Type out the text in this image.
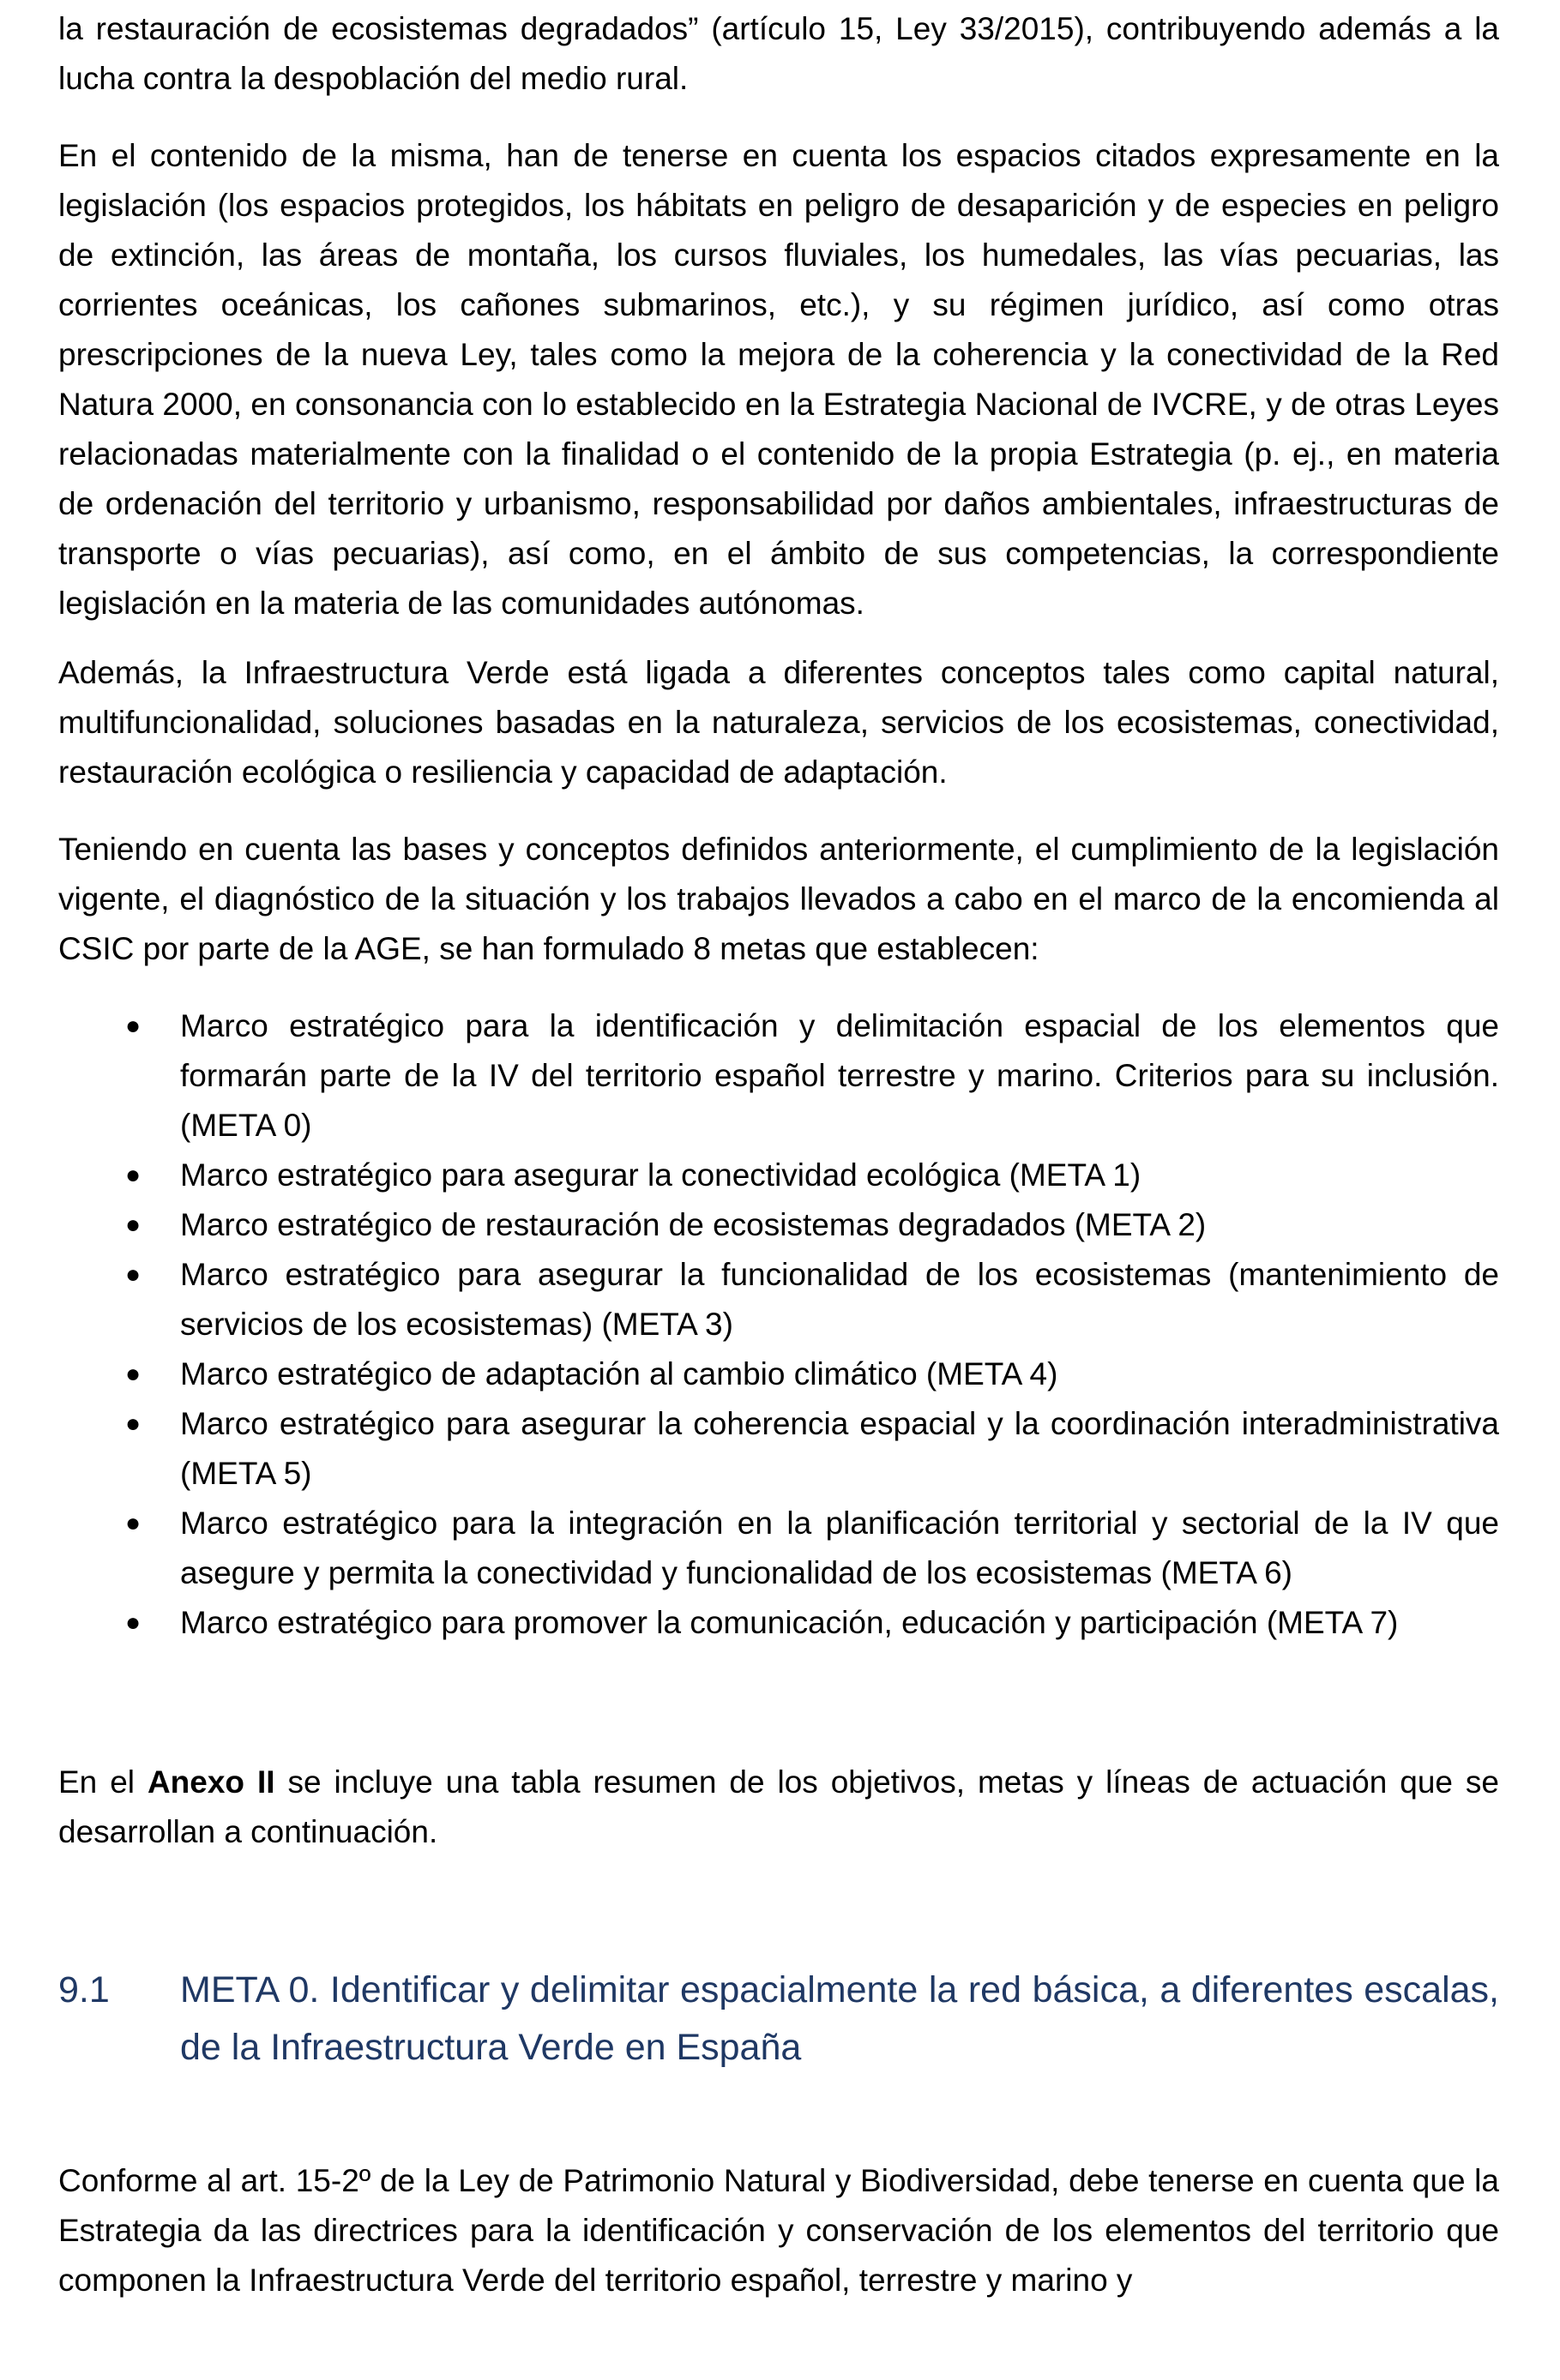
la restauración de ecosistemas degradados” (artículo 15, Ley 33/2015), contribuyendo además a la lucha contra la despoblación del medio rural.

En el contenido de la misma, han de tenerse en cuenta los espacios citados expresamente en la legislación (los espacios protegidos, los hábitats en peligro de desaparición y de especies en peligro de extinción, las áreas de montaña, los cursos fluviales, los humedales, las vías pecuarias, las corrientes oceánicas, los cañones submarinos, etc.), y su régimen jurídico, así como otras prescripciones de la nueva Ley, tales como la mejora de la coherencia y la conectividad de la Red Natura 2000, en consonancia con lo establecido en la Estrategia Nacional de IVCRE, y de otras Leyes relacionadas materialmente con la finalidad o el contenido de la propia Estrategia (p. ej., en materia de ordenación del territorio y urbanismo, responsabilidad por daños ambientales, infraestructuras de transporte o vías pecuarias), así como, en el ámbito de sus competencias, la correspondiente legislación en la materia de las comunidades autónomas.

Además, la Infraestructura Verde está ligada a diferentes conceptos tales como capital natural, multifuncionalidad, soluciones basadas en la naturaleza, servicios de los ecosistemas, conectividad, restauración ecológica o resiliencia y capacidad de adaptación.

Teniendo en cuenta las bases y conceptos definidos anteriormente, el cumplimiento de la legislación vigente, el diagnóstico de la situación y los trabajos llevados a cabo en el marco de la encomienda al CSIC por parte de la AGE, se han formulado 8 metas que establecen:

● Marco estratégico para la identificación y delimitación espacial de los elementos que formarán parte de la IV del territorio español terrestre y marino. Criterios para su inclusión. (META 0)
● Marco estratégico para asegurar la conectividad ecológica (META 1)
● Marco estratégico de restauración de ecosistemas degradados (META 2)
● Marco estratégico para asegurar la funcionalidad de los ecosistemas (mantenimiento de servicios de los ecosistemas) (META 3)
● Marco estratégico de adaptación al cambio climático (META 4)
● Marco estratégico para asegurar la coherencia espacial y la coordinación interadministrativa (META 5)
● Marco estratégico para la integración en la planificación territorial y sectorial de la IV que asegure y permita la conectividad y funcionalidad de los ecosistemas (META 6)
● Marco estratégico para promover la comunicación, educación y participación (META 7)

En el Anexo II se incluye una tabla resumen de los objetivos, metas y líneas de actuación que se desarrollan a continuación.

9.1 META 0. Identificar y delimitar espacialmente la red básica, a diferentes escalas, de la Infraestructura Verde en España

Conforme al art. 15-2º de la Ley de Patrimonio Natural y Biodiversidad, debe tenerse en cuenta que la Estrategia da las directrices para la identificación y conservación de los elementos del territorio que componen la Infraestructura Verde del territorio español, terrestre y marino y
